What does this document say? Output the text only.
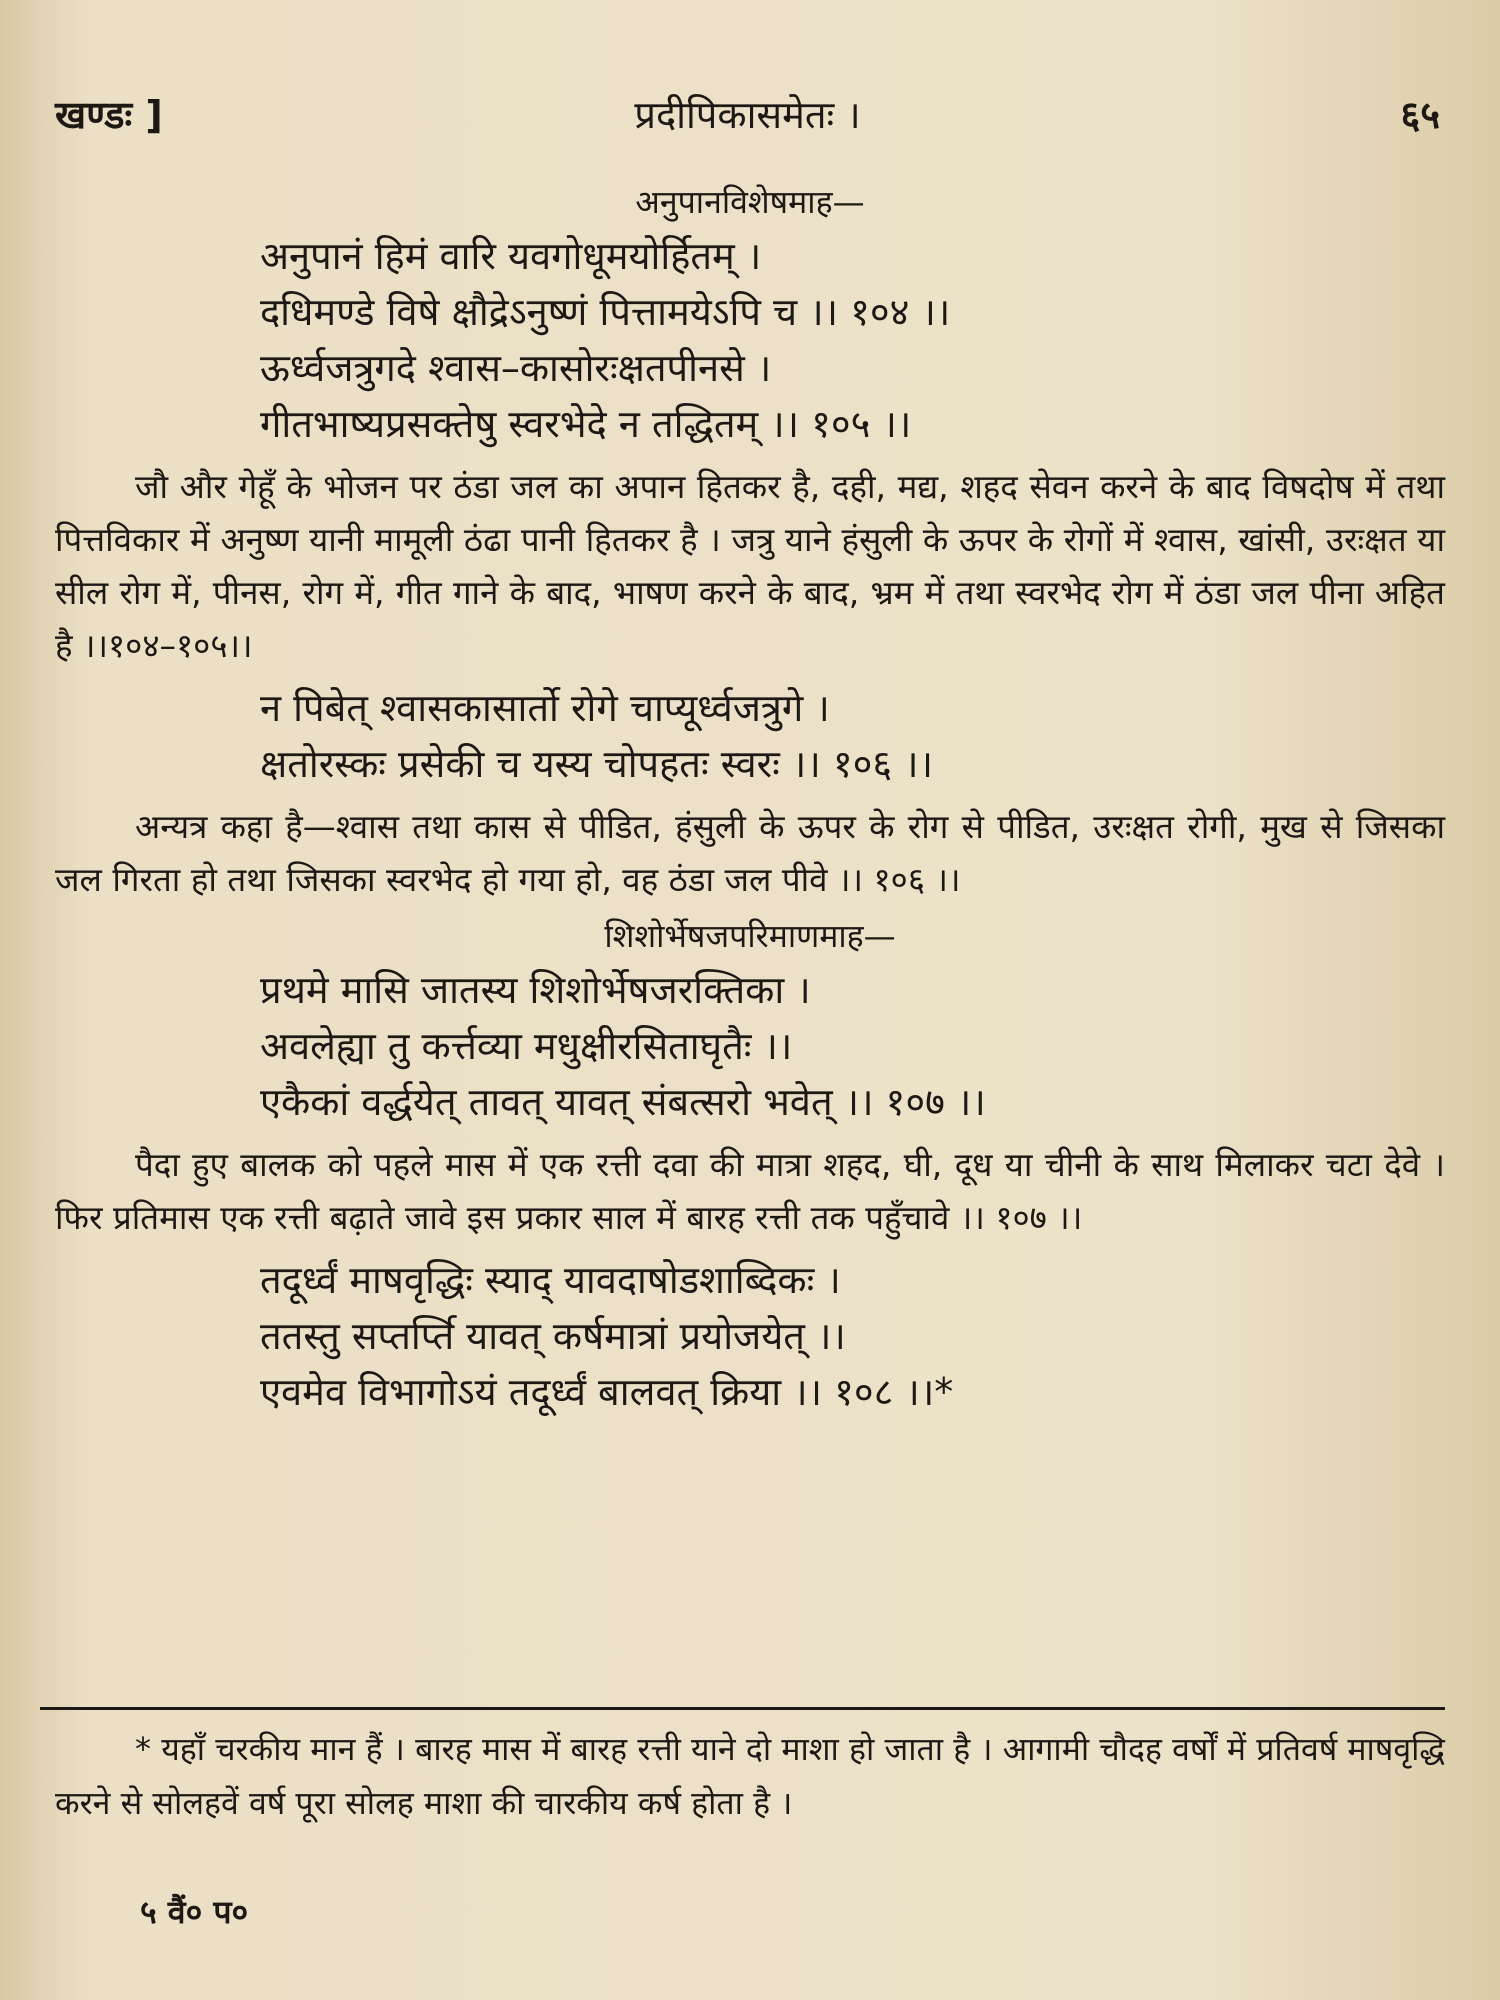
खण्डः ]	प्रदीपिकासमेतः ।	६५
अनुपानविशेषमाह—
अनुपानं हिमं वारि यवगोधूमयोर्हितम् ।
दधिमण्डे विषे क्षौद्रेऽनुष्णं पित्तामयेऽपि च ।। १०४ ।।
ऊर्ध्वजत्रुगदे श्वास–कासोरःक्षतपीनसे ।
गीतभाष्यप्रसक्तेषु स्वरभेदे न तद्धितम् ।। १०५ ।।
जौ और गेहूँ के भोजन पर ठंडा जल का अपान हितकर है, दही, मद्य, शहद सेवन करने के बाद विषदोष में तथा पित्तविकार में अनुष्ण यानी मामूली ठंढा पानी हितकर है । जत्रु याने हंसुली के ऊपर के रोगों में श्वास, खांसी, उरःक्षत या सील रोग में, पीनस, रोग में, गीत गाने के बाद, भाषण करने के बाद, भ्रम में तथा स्वरभेद रोग में ठंडा जल पीना अहित है ।।१०४–१०५।।
न पिबेत् श्वासकासार्तो रोगे चाप्यूर्ध्वजत्रुगे ।
क्षतोरस्कः प्रसेकी च यस्य चोपहतः स्वरः ।। १०६ ।।
अन्यत्र कहा है—श्वास तथा कास से पीडित, हंसुली के ऊपर के रोग से पीडित, उरःक्षत रोगी, मुख से जिसका जल गिरता हो तथा जिसका स्वरभेद हो गया हो, वह ठंडा जल पीवे ।। १०६ ।।
शिशोर्भेषजपरिमाणमाह—
प्रथमे मासि जातस्य शिशोर्भेषजरक्तिका ।
अवलेह्या तु कर्त्तव्या मधुक्षीरसिताघृतैः ।।
एकैकां वर्द्धयेत् तावत् यावत् संबत्सरो भवेत् ।। १०७ ।।
पैदा हुए बालक को पहले मास में एक रत्ती दवा की मात्रा शहद, घी, दूध या चीनी के साथ मिलाकर चटा देवे । फिर प्रतिमास एक रत्ती बढ़ाते जावे इस प्रकार साल में बारह रत्ती तक पहुँचावे ।। १०७ ।।
तदूर्ध्वं माषवृद्धिः स्याद् यावदाषोडशाब्दिकः ।
ततस्तु सप्तर्प्ति यावत् कर्षमात्रां प्रयोजयेत् ।।
एवमेव विभागोऽयं तदूर्ध्वं बालवत् क्रिया ।। १०८ ।।*
* यहाँ चरकीय मान हैं । बारह मास में बारह रत्ती याने दो माशा हो जाता है । आगामी चौदह वर्षों में प्रतिवर्ष माषवृद्धि करने से सोलहवें वर्ष पूरा सोलह माशा की चारकीय कर्ष होता है ।
५ वैं० प०
